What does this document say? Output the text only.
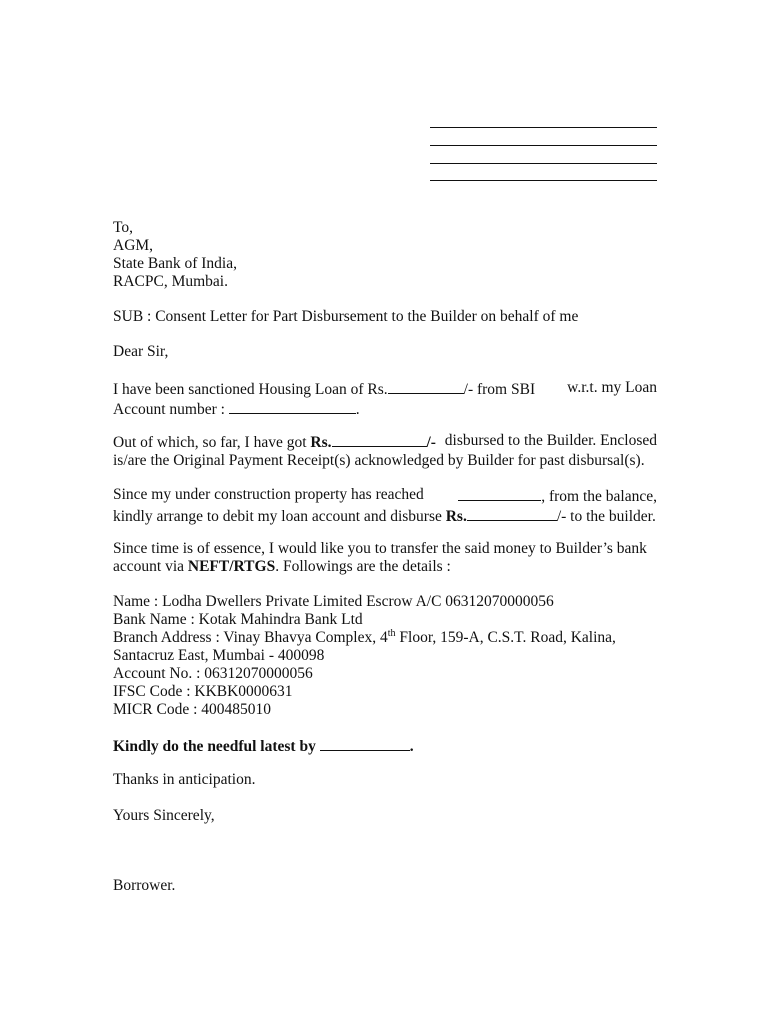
To,
AGM,
State Bank of India,
RACPC, Mumbai.
SUB : Consent Letter for Part Disbursement to the Builder on behalf of me
Dear Sir,
I have been sanctioned Housing Loan of Rs.	/- from SBI w.r.t. my Loan
Account number :	.
Out of which, so far, I have got Rs.	/- disbursed to the Builder. Enclosed
is/are the Original Payment Receipt(s) acknowledged by Builder for past disbursal(s).
Since my under construction property has reached	, from the balance,
kindly arrange to debit my loan account and disburse Rs.	/- to the builder.
Since time is of essence, I would like you to transfer the said money to Builder’s bank
account via NEFT/RTGS. Followings are the details :
Name : Lodha Dwellers Private Limited Escrow A/C 06312070000056
Bank Name : Kotak Mahindra Bank Ltd
Branch Address : Vinay Bhavya Complex, 4th Floor, 159-A, C.S.T. Road, Kalina,
Santacruz East, Mumbai - 400098
Account No. : 06312070000056
IFSC Code : KKBK0000631
MICR Code : 400485010
Kindly do the needful latest by	.
Thanks in anticipation.
Yours Sincerely,
Borrower.
